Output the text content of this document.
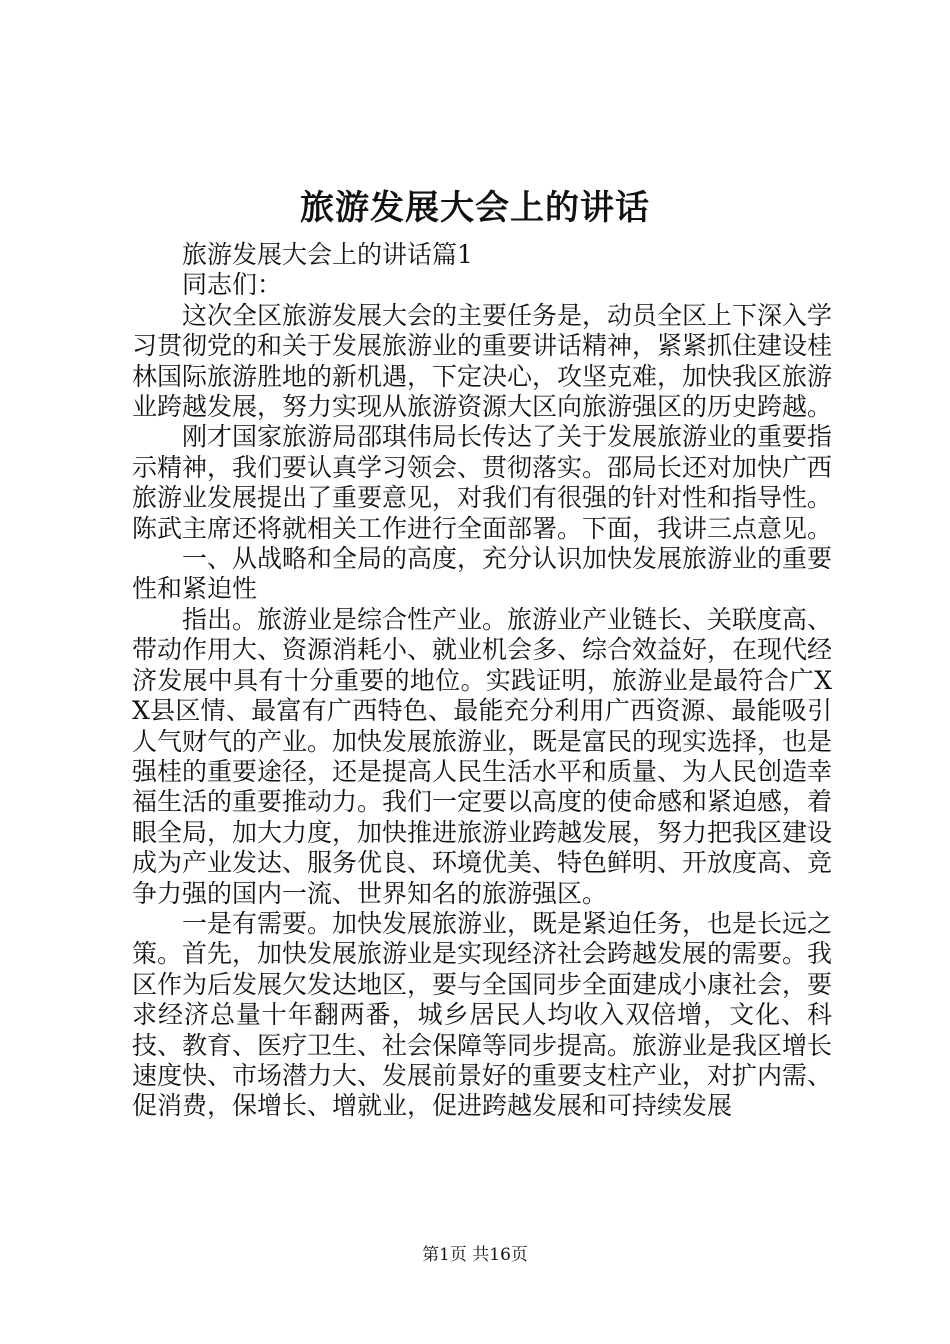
旅游发展大会上的讲话

旅游发展大会上的讲话篇1

同志们：

这次全区旅游发展大会的主要任务是，动员全区上下深入学习贯彻党的和关于发展旅游业的重要讲话精神，紧紧抓住建设桂林国际旅游胜地的新机遇，下定决心，攻坚克难，加快我区旅游业跨越发展，努力实现从旅游资源大区向旅游强区的历史跨越。

刚才国家旅游局邵琪伟局长传达了关于发展旅游业的重要指示精神，我们要认真学习领会、贯彻落实。邵局长还对加快广西旅游业发展提出了重要意见，对我们有很强的针对性和指导性。陈武主席还将就相关工作进行全面部署。下面，我讲三点意见。

一、从战略和全局的高度，充分认识加快发展旅游业的重要性和紧迫性

指出。旅游业是综合性产业。旅游业产业链长、关联度高、带动作用大、资源消耗小、就业机会多、综合效益好，在现代经济发展中具有十分重要的地位。实践证明，旅游业是最符合广XX县区情、最富有广西特色、最能充分利用广西资源、最能吸引人气财气的产业。加快发展旅游业，既是富民的现实选择，也是强桂的重要途径，还是提高人民生活水平和质量、为人民创造幸福生活的重要推动力。我们一定要以高度的使命感和紧迫感，着眼全局，加大力度，加快推进旅游业跨越发展，努力把我区建设成为产业发达、服务优良、环境优美、特色鲜明、开放度高、竞争力强的国内一流、世界知名的旅游强区。

一是有需要。加快发展旅游业，既是紧迫任务，也是长远之策。首先，加快发展旅游业是实现经济社会跨越发展的需要。我区作为后发展欠发达地区，要与全国同步全面建成小康社会，要求经济总量十年翻两番，城乡居民人均收入双倍增，文化、科技、教育、医疗卫生、社会保障等同步提高。旅游业是我区增长速度快、市场潜力大、发展前景好的重要支柱产业，对扩内需、促消费，保增长、增就业，促进跨越发展和可持续发展

第1页 共16页
